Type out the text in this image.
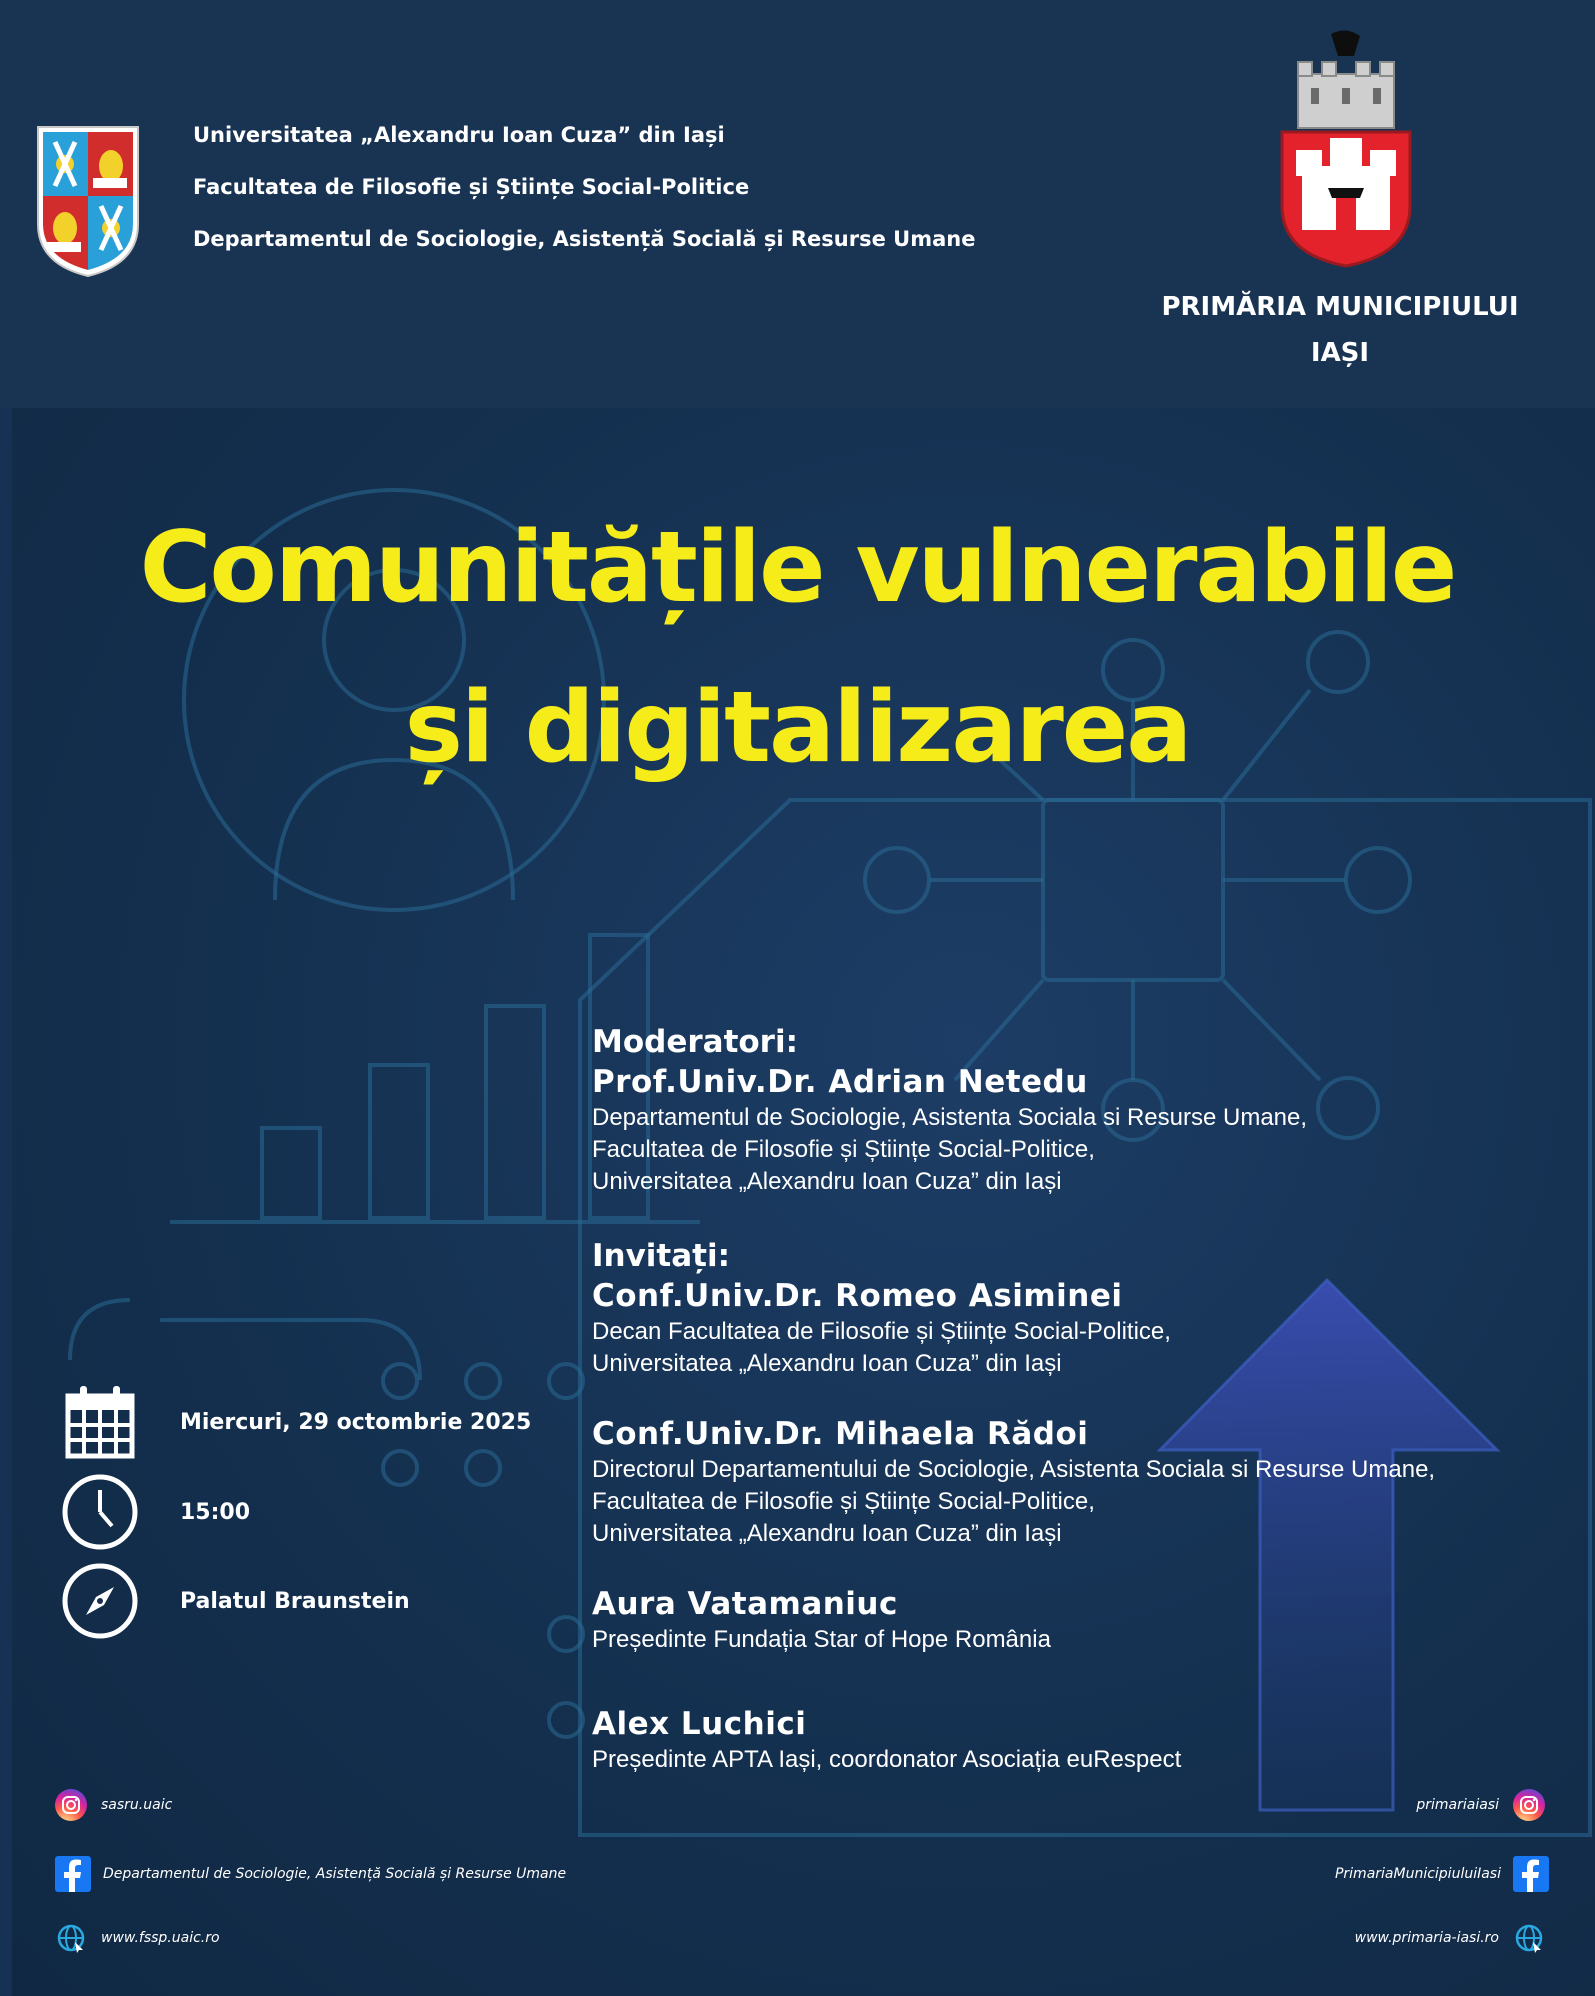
Universitatea „Alexandru Ioan Cuza” din Iași
Facultatea de Filosofie și Științe Social-Politice
Departamentul de Sociologie, Asistență Socială și Resurse Umane
PRIMĂRIA MUNICIPIULUI
IAȘI
Comunitățile vulnerabile
și digitalizarea
Miercuri, 29 octombrie 2025
15:00
Palatul Braunstein
Moderatori:
Prof.Univ.Dr. Adrian Netedu
Departamentul de Sociologie, Asistenta Sociala si Resurse Umane,
Facultatea de Filosofie și Științe Social-Politice,
Universitatea „Alexandru Ioan Cuza” din Iași
Invitați:
Conf.Univ.Dr. Romeo Asiminei
Decan Facultatea de Filosofie și Științe Social-Politice,
Universitatea „Alexandru Ioan Cuza” din Iași
Conf.Univ.Dr. Mihaela Rădoi
Directorul Departamentului de Sociologie, Asistenta Sociala si Resurse Umane,
Facultatea de Filosofie și Științe Social-Politice,
Universitatea „Alexandru Ioan Cuza” din Iași
Aura Vatamaniuc
Președinte Fundația Star of Hope România
Alex Luchici
Președinte APTA Iași, coordonator Asociația euRespect
sasru.uaic
Departamentul de Sociologie, Asistență Socială și Resurse Umane
www.fssp.uaic.ro
primariaiasi
PrimariaMunicipiuluiIasi
www.primaria-iasi.ro
